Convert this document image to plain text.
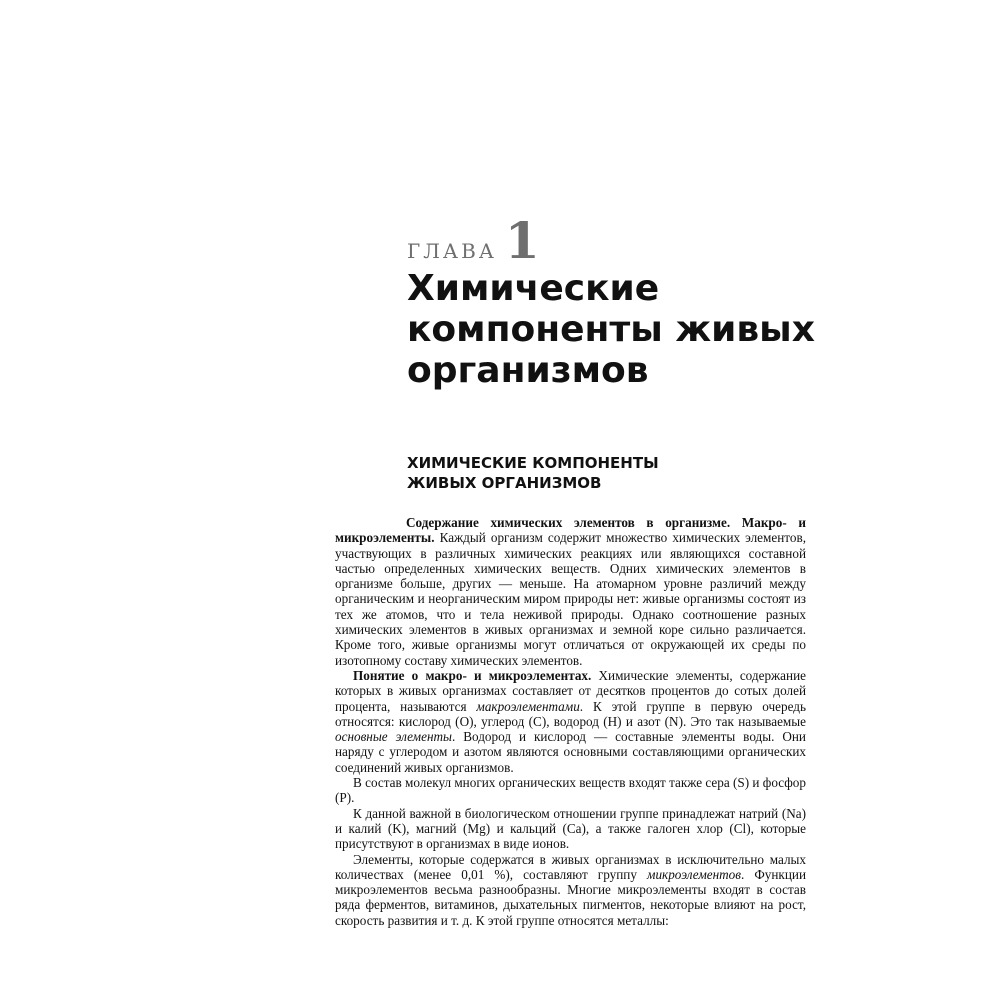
ГЛАВА 1
Химические
компоненты живых
организмов
ХИМИЧЕСКИЕ КОМПОНЕНТЫ
ЖИВЫХ ОРГАНИЗМОВ

Содержание химических элементов в организме. Макро- и микроэлементы. Каждый организм содержит множество химических элементов, участвующих в различных химических реакциях или являющихся составной частью определенных химических веществ. Одних химических элементов в организме больше, других — меньше. На атомарном уровне различий между органическим и неорганическим миром природы нет: живые организмы состоят из тех же атомов, что и тела неживой природы. Однако соотношение разных химических элементов в живых организмах и земной коре сильно различается. Кроме того, живые организмы могут отличаться от окружающей их среды по изотопному составу химических элементов.

Понятие о макро- и микроэлементах. Химические элементы, содержание которых в живых организмах составляет от десятков процентов до сотых долей процента, называются макроэлементами. К этой группе в первую очередь относятся: кислород (O), углерод (C), водород (H) и азот (N). Это так называемые основные элементы. Водород и кислород — составные элементы воды. Они наряду с углеродом и азотом являются основными составляющими органических соединений живых организмов.

В состав молекул многих органических веществ входят также сера (S) и фосфор (P).

К данной важной в биологическом отношении группе принадлежат натрий (Na) и калий (K), магний (Mg) и кальций (Ca), а также галоген хлор (Cl), которые присутствуют в организмах в виде ионов.

Элементы, которые содержатся в живых организмах в исключительно малых количествах (менее 0,01 %), составляют группу микроэлементов. Функции микроэлементов весьма разнообразны. Многие микроэлементы входят в состав ряда ферментов, витаминов, дыхательных пигментов, некоторые влияют на рост, скорость развития и т. д. К этой группе относятся металлы:
